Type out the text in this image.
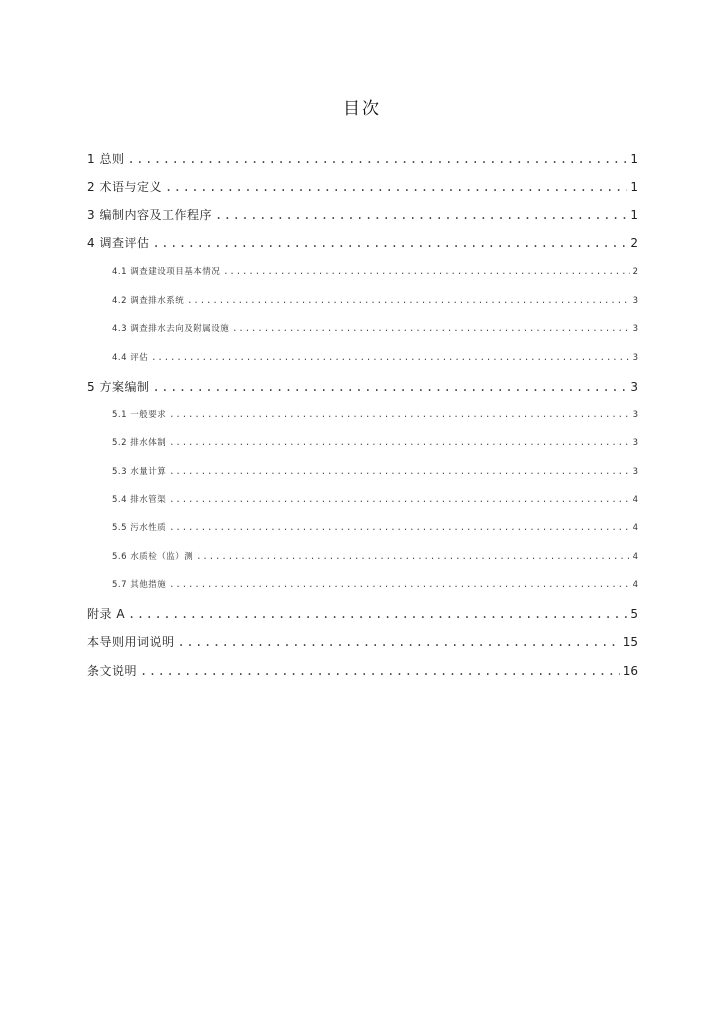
目次
1 总则 .....	1
2 术语与定义 .....	1
3 编制内容及工作程序 .....	1
4 调查评估 .....	2
4.1 调查建设项目基本情况 .....	2
4.2 调查排水系统 .....	3
4.3 调查排水去向及附属设施 .....	3
4.4 评估 .....	3
5 方案编制 .....	3
5.1 一般要求 .....	3
5.2 排水体制 .....	3
5.3 水量计算 .....	3
5.4 排水管渠 .....	4
5.5 污水性质 .....	4
5.6 水质检（监）测 .....	4
5.7 其他措施 .....	4
附录 A .....	5
本导则用词说明 .....	15
条文说明 .....	16
